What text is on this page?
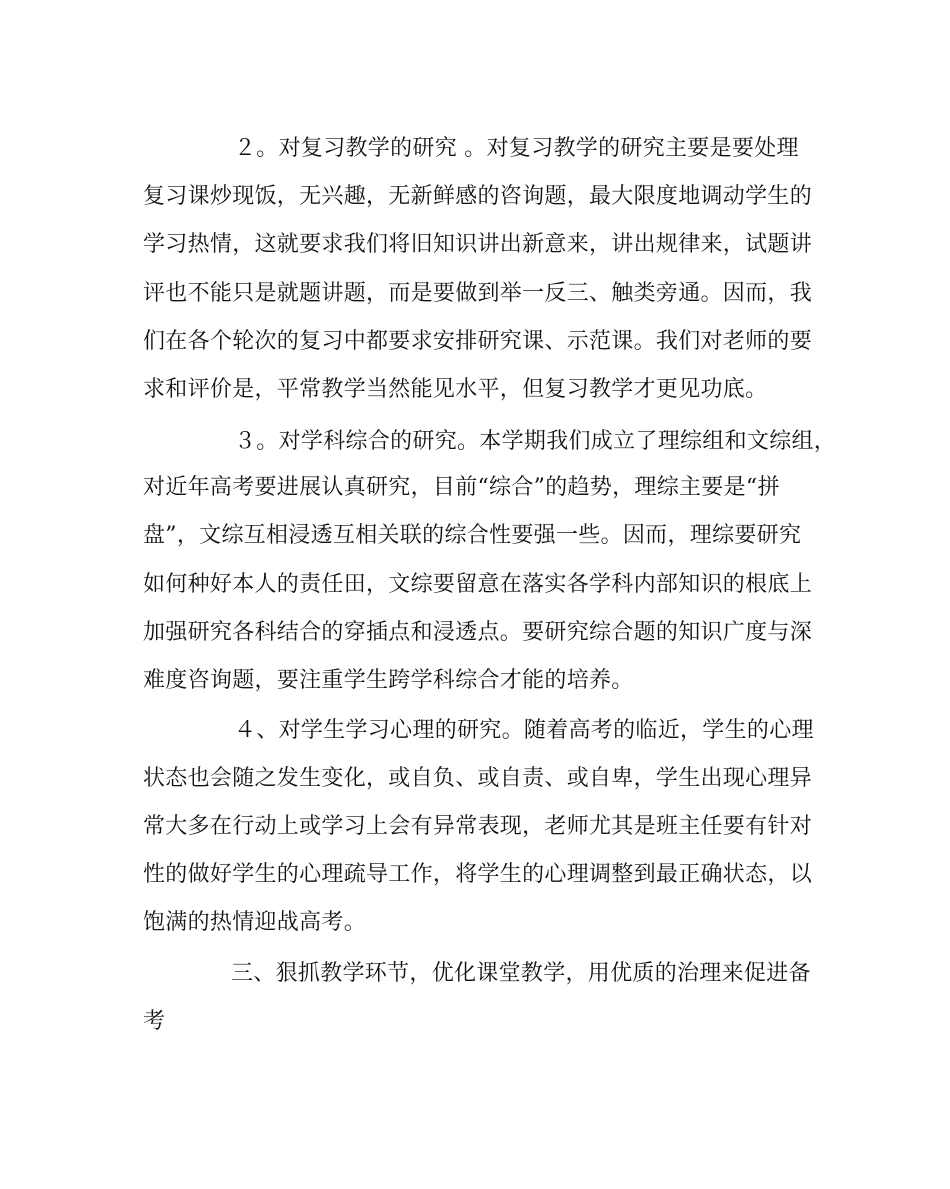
２。对复习教学的研究 。对复习教学的研究主要是要处理
复习课炒现饭，无兴趣，无新鲜感的咨询题，最大限度地调动学生的
学习热情，这就要求我们将旧知识讲出新意来，讲出规律来，试题讲
评也不能只是就题讲题，而是要做到举一反三、触类旁通。因而，我
们在各个轮次的复习中都要求安排研究课、示范课。我们对老师的要
求和评价是，平常教学当然能见水平，但复习教学才更见功底。
３。对学科综合的研究。本学期我们成立了理综组和文综组，
对近年高考要进展认真研究，目前“综合”的趋势，理综主要是“拼
盘”，文综互相浸透互相关联的综合性要强一些。因而，理综要研究
如何种好本人的责任田，文综要留意在落实各学科内部知识的根底上
加强研究各科结合的穿插点和浸透点。要研究综合题的知识广度与深
难度咨询题，要注重学生跨学科综合才能的培养。
４、对学生学习心理的研究。随着高考的临近，学生的心理
状态也会随之发生变化，或自负、或自责、或自卑，学生出现心理异
常大多在行动上或学习上会有异常表现，老师尤其是班主任要有针对
性的做好学生的心理疏导工作，将学生的心理调整到最正确状态，以
饱满的热情迎战高考。
三、狠抓教学环节，优化课堂教学，用优质的治理来促进备
考
